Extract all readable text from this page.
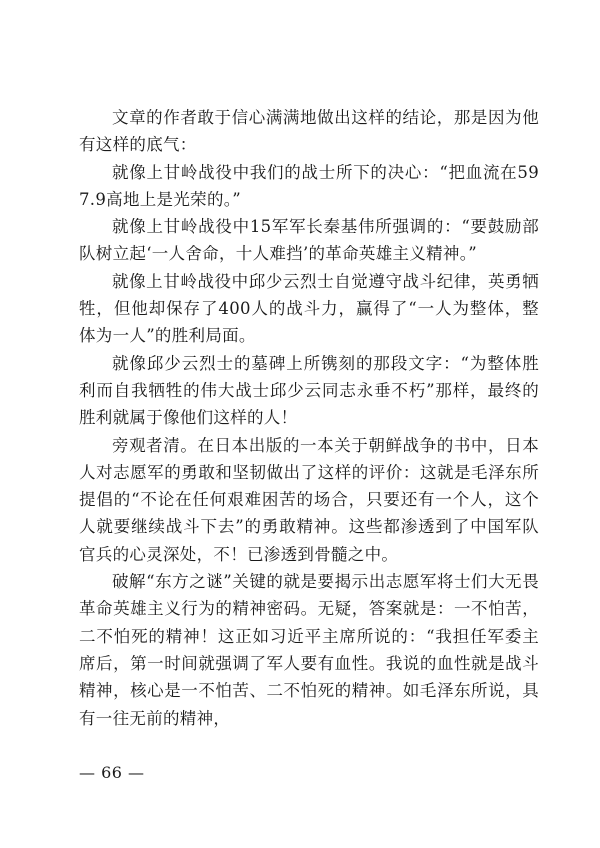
文章的作者敢于信心满满地做出这样的结论，那是因为他有这样的底气：

就像上甘岭战役中我们的战士所下的决心：“把血流在597.9高地上是光荣的。”

就像上甘岭战役中15军军长秦基伟所强调的：“要鼓励部队树立起‘一人舍命，十人难挡’的革命英雄主义精神。”

就像上甘岭战役中邱少云烈士自觉遵守战斗纪律，英勇牺牲，但他却保存了400人的战斗力，赢得了“一人为整体，整体为一人”的胜利局面。

就像邱少云烈士的墓碑上所镌刻的那段文字：“为整体胜利而自我牺牲的伟大战士邱少云同志永垂不朽”那样，最终的胜利就属于像他们这样的人！

旁观者清。在日本出版的一本关于朝鲜战争的书中，日本人对志愿军的勇敢和坚韧做出了这样的评价：这就是毛泽东所提倡的“不论在任何艰难困苦的场合，只要还有一个人，这个人就要继续战斗下去”的勇敢精神。这些都渗透到了中国军队官兵的心灵深处，不！已渗透到骨髓之中。

破解“东方之谜”关键的就是要揭示出志愿军将士们大无畏革命英雄主义行为的精神密码。无疑，答案就是：一不怕苦，二不怕死的精神！这正如习近平主席所说的：“我担任军委主席后，第一时间就强调了军人要有血性。我说的血性就是战斗精神，核心是一不怕苦、二不怕死的精神。如毛泽东所说，具有一往无前的精神，

— 66 —
